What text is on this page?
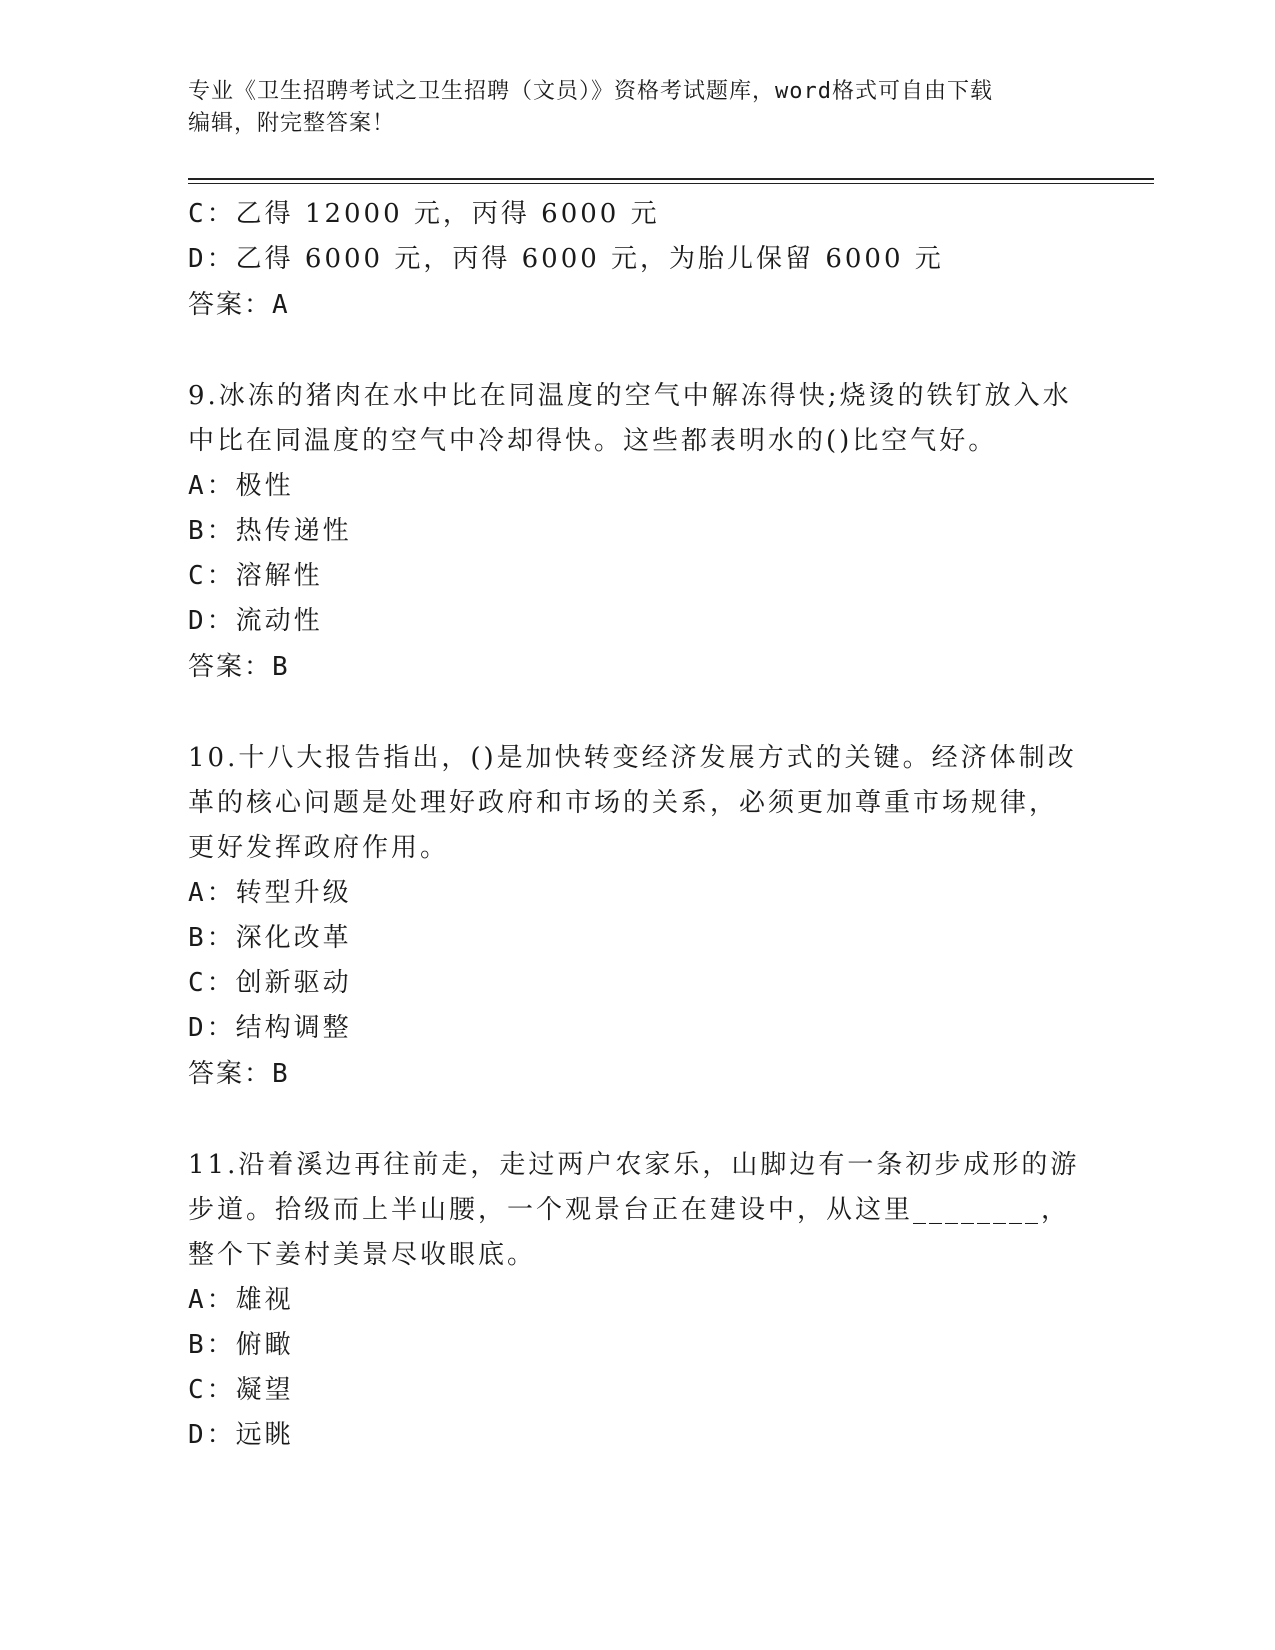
专业《卫生招聘考试之卫生招聘（文员）》资格考试题库，word格式可自由下载
编辑，附完整答案！
C：乙得 12000 元，丙得 6000 元
D：乙得 6000 元，丙得 6000 元，为胎儿保留 6000 元
答案：A
9.冰冻的猪肉在水中比在同温度的空气中解冻得快;烧烫的铁钉放入水
中比在同温度的空气中冷却得快。这些都表明水的()比空气好。
A：极性
B：热传递性
C：溶解性
D：流动性
答案：B
10.十八大报告指出，()是加快转变经济发展方式的关键。经济体制改
革的核心问题是处理好政府和市场的关系，必须更加尊重市场规律，
更好发挥政府作用。
A：转型升级
B：深化改革
C：创新驱动
D：结构调整
答案：B
11.沿着溪边再往前走，走过两户农家乐，山脚边有一条初步成形的游
步道。拾级而上半山腰，一个观景台正在建设中，从这里________，
整个下姜村美景尽收眼底。
A：雄视
B：俯瞰
C：凝望
D：远眺
